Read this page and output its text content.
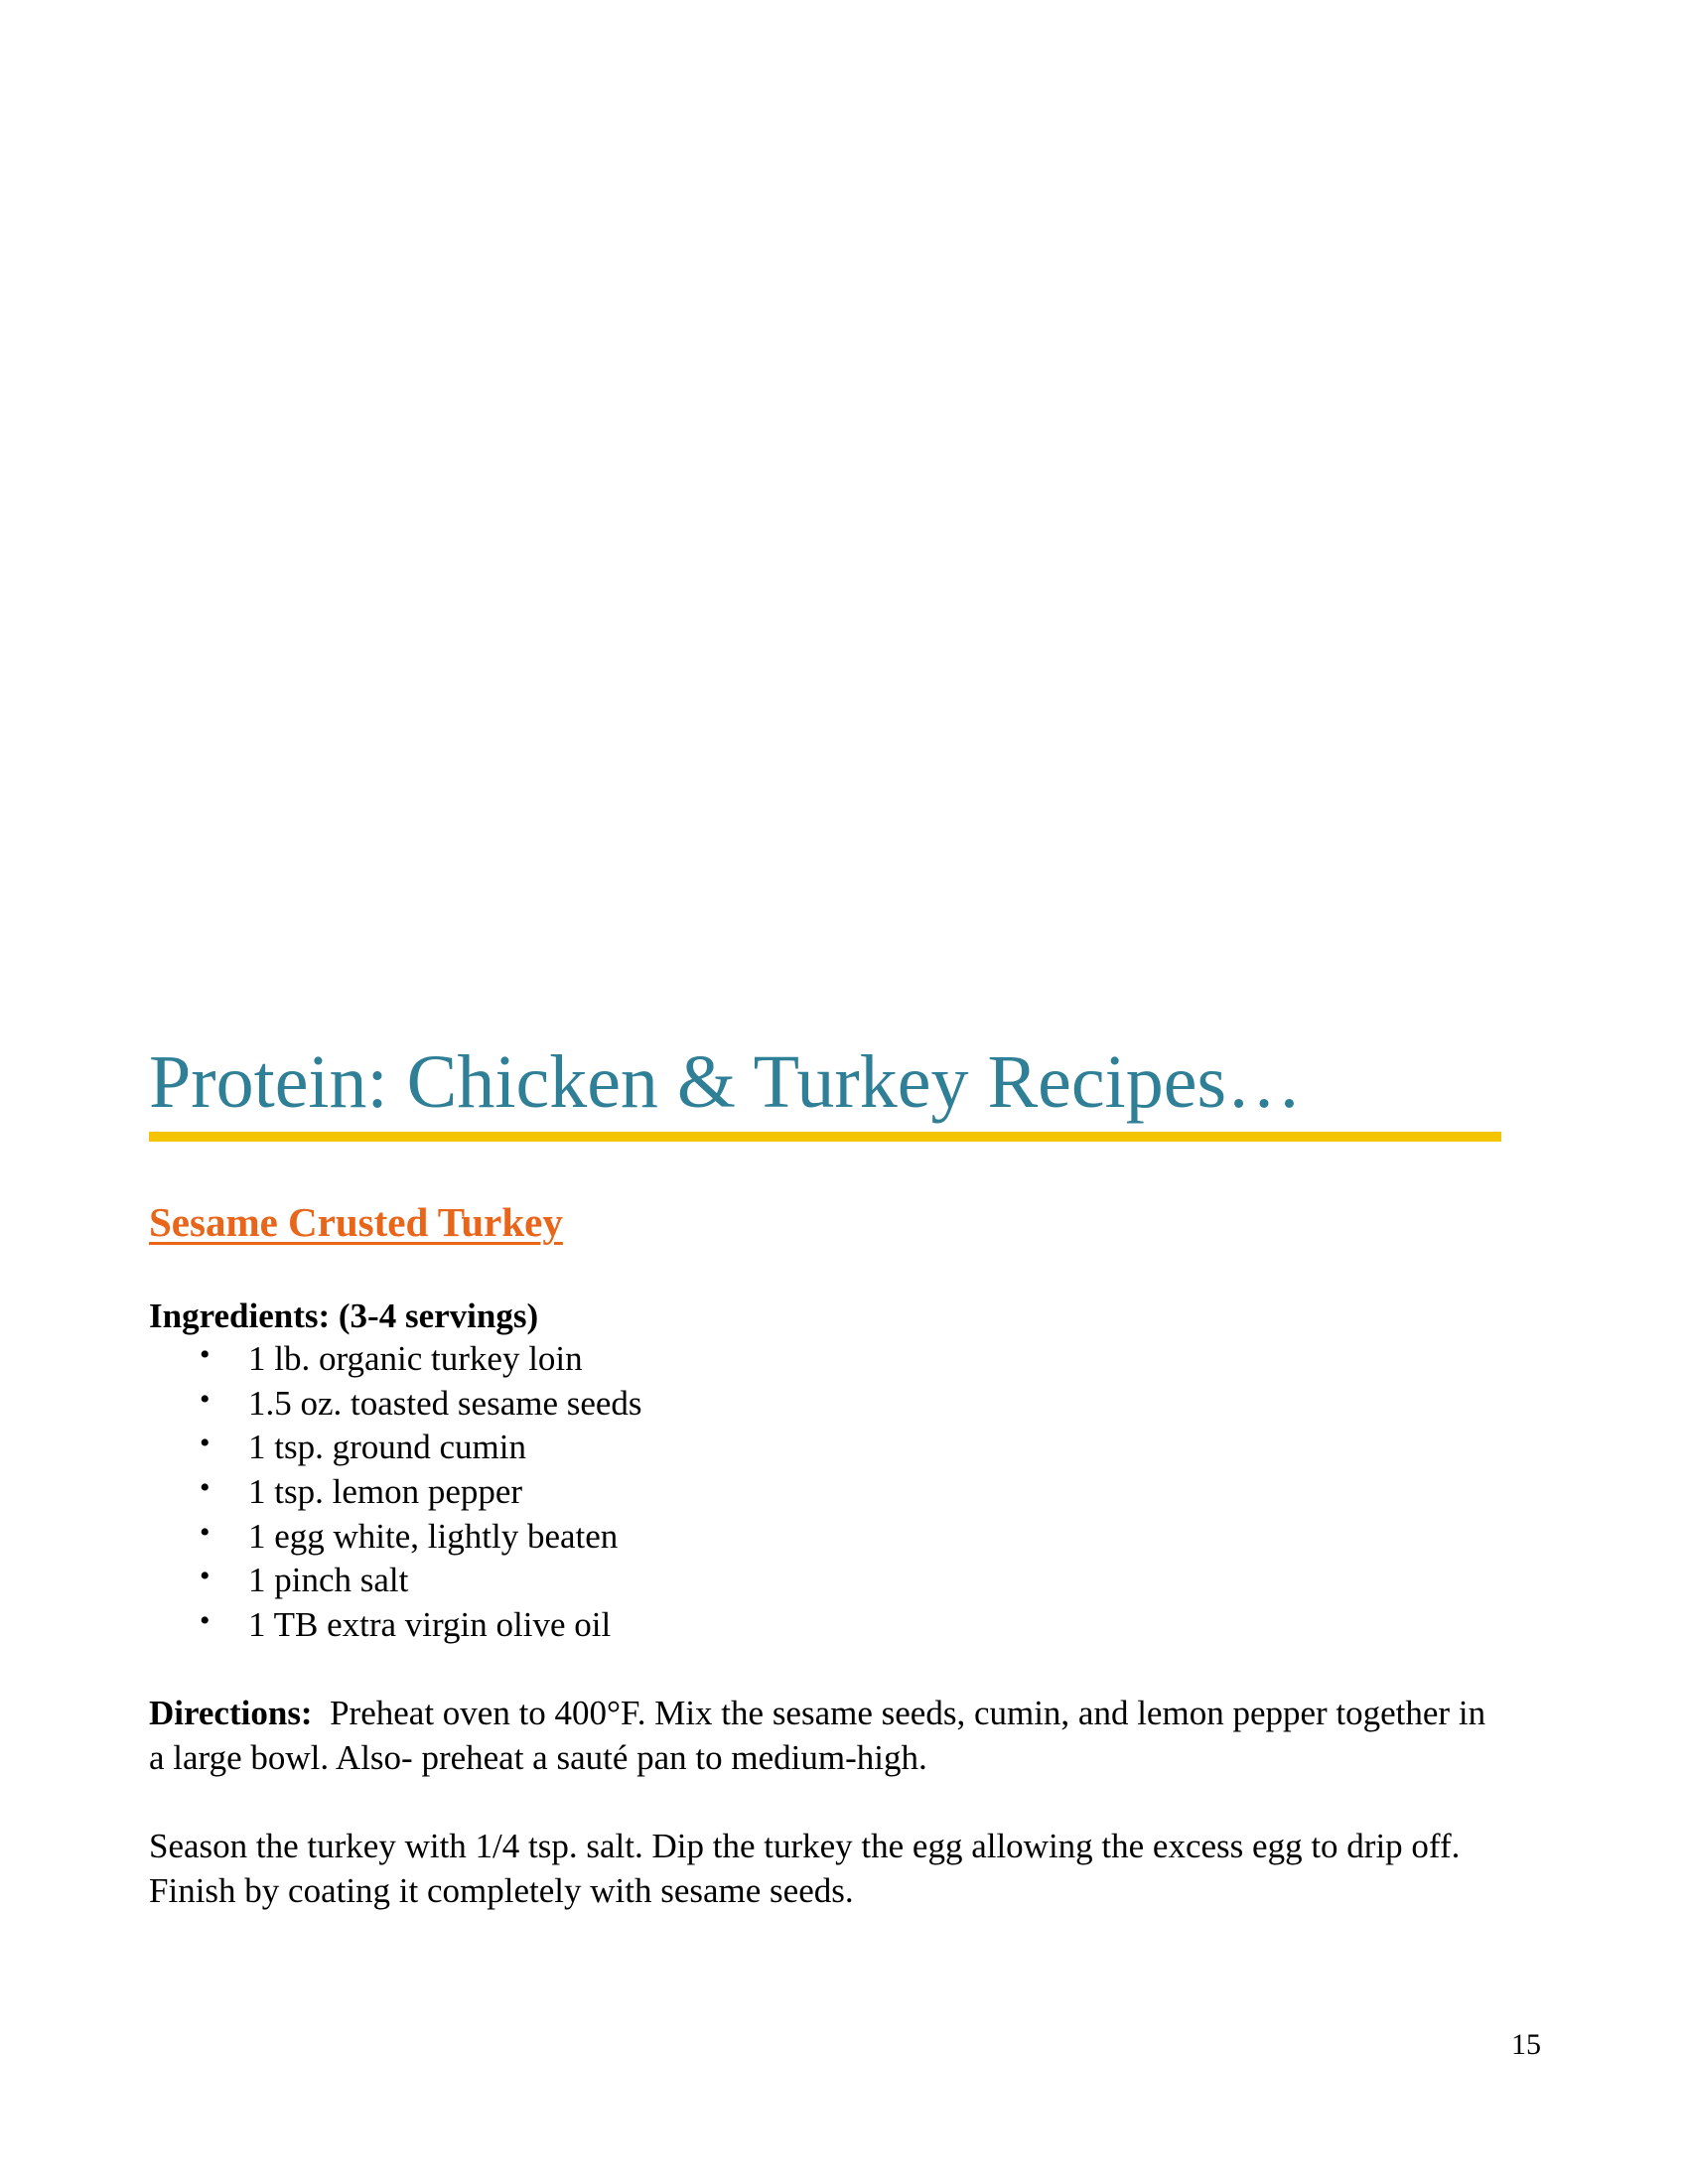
Protein: Chicken & Turkey Recipes…
Sesame Crusted Turkey

Ingredients: (3-4 servings)

• 1 lb. organic turkey loin
• 1.5 oz. toasted sesame seeds
• 1 tsp. ground cumin
• 1 tsp. lemon pepper
• 1 egg white, lightly beaten
• 1 pinch salt
• 1 TB extra virgin olive oil

Directions: Preheat oven to 400°F. Mix the sesame seeds, cumin, and lemon pepper together in a large bowl. Also- preheat a sauté pan to medium-high.

Season the turkey with 1/4 tsp. salt. Dip the turkey the egg allowing the excess egg to drip off. Finish by coating it completely with sesame seeds.

15
